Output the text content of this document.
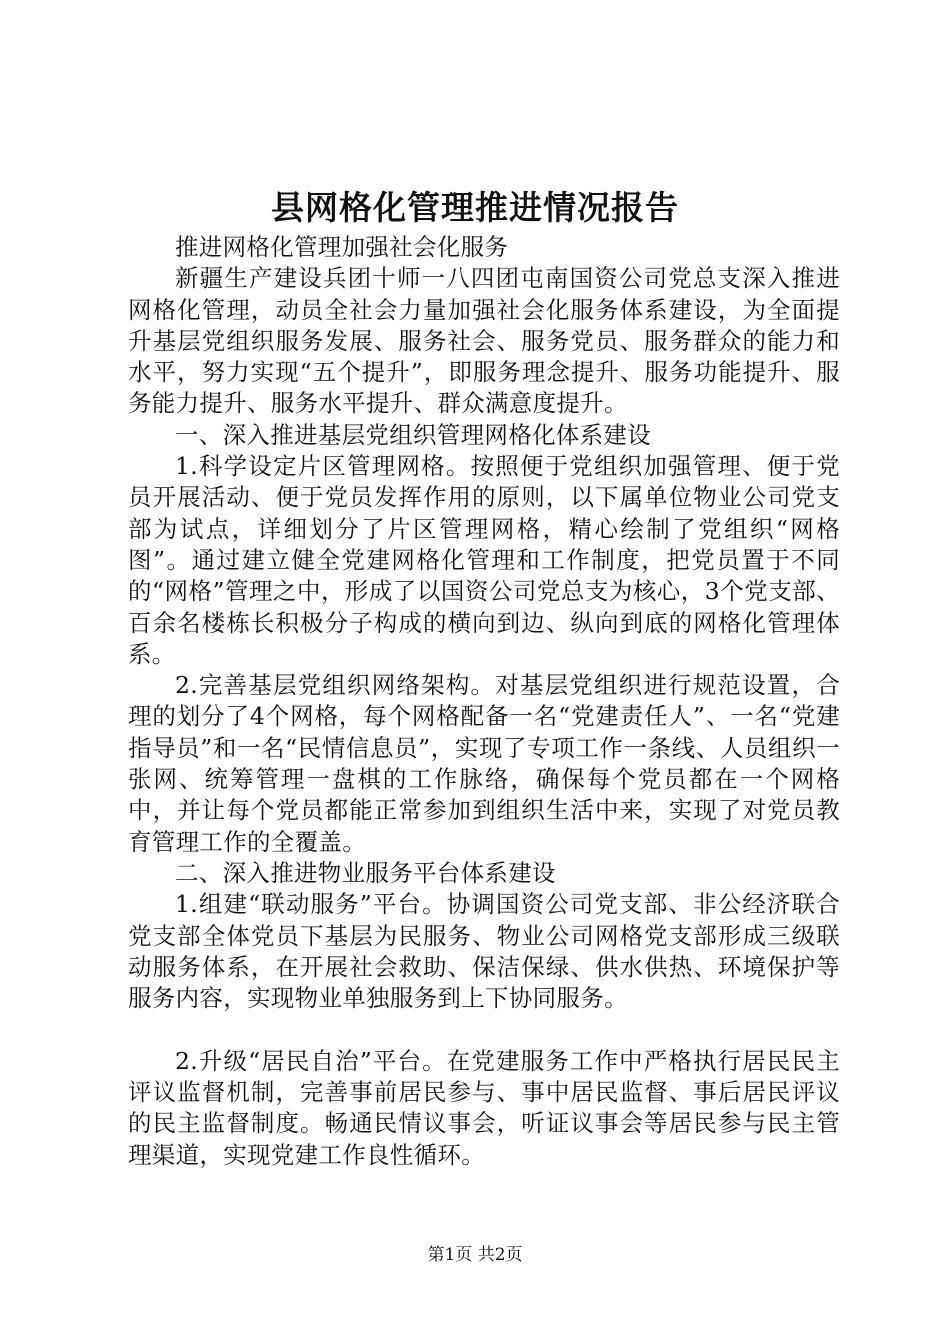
县网格化管理推进情况报告

推进网格化管理加强社会化服务

新疆生产建设兵团十师一八四团屯南国资公司党总支深入推进网格化管理，动员全社会力量加强社会化服务体系建设，为全面提升基层党组织服务发展、服务社会、服务党员、服务群众的能力和水平，努力实现“五个提升”，即服务理念提升、服务功能提升、服务能力提升、服务水平提升、群众满意度提升。

一、深入推进基层党组织管理网格化体系建设

1.科学设定片区管理网格。按照便于党组织加强管理、便于党员开展活动、便于党员发挥作用的原则，以下属单位物业公司党支部为试点，详细划分了片区管理网格，精心绘制了党组织“网格图”。通过建立健全党建网格化管理和工作制度，把党员置于不同的“网格”管理之中，形成了以国资公司党总支为核心，3个党支部、百余名楼栋长积极分子构成的横向到边、纵向到底的网格化管理体系。

2.完善基层党组织网络架构。对基层党组织进行规范设置，合理的划分了4个网格，每个网格配备一名“党建责任人”、一名“党建指导员”和一名“民情信息员”，实现了专项工作一条线、人员组织一张网、统筹管理一盘棋的工作脉络，确保每个党员都在一个网格中，并让每个党员都能正常参加到组织生活中来，实现了对党员教育管理工作的全覆盖。

二、深入推进物业服务平台体系建设

1.组建“联动服务”平台。协调国资公司党支部、非公经济联合党支部全体党员下基层为民服务、物业公司网格党支部形成三级联动服务体系，在开展社会救助、保洁保绿、供水供热、环境保护等服务内容，实现物业单独服务到上下协同服务。

2.升级“居民自治”平台。在党建服务工作中严格执行居民民主评议监督机制，完善事前居民参与、事中居民监督、事后居民评议的民主监督制度。畅通民情议事会，听证议事会等居民参与民主管理渠道，实现党建工作良性循环。

第1页 共2页
